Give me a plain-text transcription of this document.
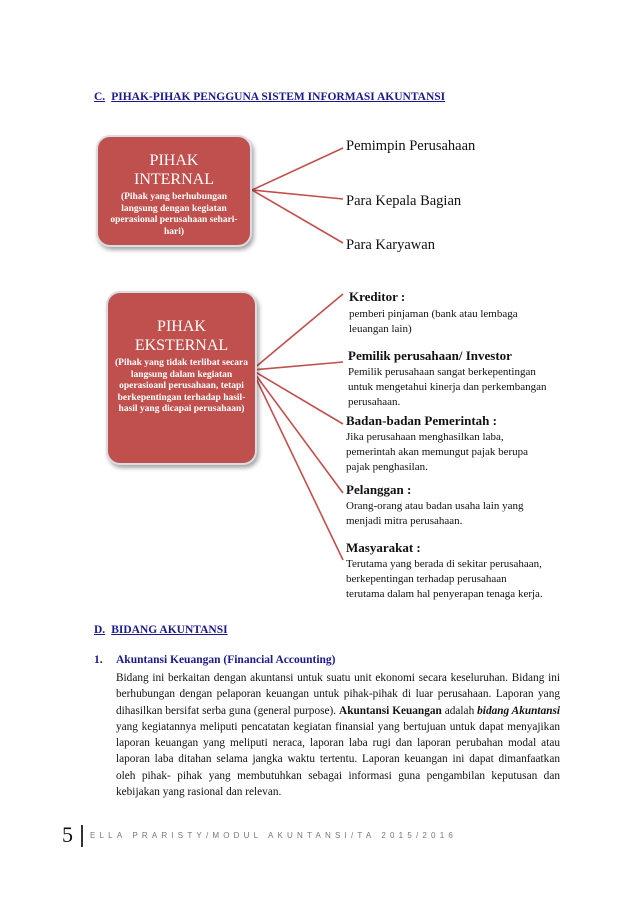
C. PIHAK-PIHAK PENGGUNA SISTEM INFORMASI AKUNTANSI
PIHAK
INTERNAL
(Pihak yang berhubungan langsung dengan kegiatan operasional perusahaan sehari-hari)
Pemimpin Perusahaan
Para Kepala Bagian
Para Karyawan
PIHAK
EKSTERNAL
(Pihak yang tidak terlibat secara langsung dalam kegiatan operasioanl perusahaan, tetapi berkepentingan terhadap hasil-hasil yang dicapai perusahaan)
Kreditor :
pemberi pinjaman (bank atau lembaga
leuangan lain)
Pemilik perusahaan/ Investor
Pemilik perusahaan sangat berkepentingan
untuk mengetahui kinerja dan perkembangan
perusahaan.
Badan-badan Pemerintah :
Jika perusahaan menghasilkan laba,
pemerintah akan memungut pajak berupa
pajak penghasilan.
Pelanggan :
Orang-orang atau badan usaha lain yang
menjadi mitra perusahaan.
Masyarakat :
Terutama yang berada di sekitar perusahaan,
berkepentingan terhadap perusahaan
terutama dalam hal penyerapan tenaga kerja.
D. BIDANG AKUNTANSI
1. Akuntansi Keuangan (Financial Accounting)
Bidang ini berkaitan dengan akuntansi untuk suatu unit ekonomi secara keseluruhan. Bidang ini berhubungan dengan pelaporan keuangan untuk pihak-pihak di luar perusahaan. Laporan yang dihasilkan bersifat serba guna (general purpose). Akuntansi Keuangan adalah bidang Akuntansi yang kegiatannya meliputi pencatatan kegiatan finansial yang bertujuan untuk dapat menyajikan laporan keuangan yang meliputi neraca, laporan laba rugi dan laporan perubahan modal atau laporan laba ditahan selama jangka waktu tertentu. Laporan keuangan ini dapat dimanfaatkan oleh pihak- pihak yang membutuhkan sebagai informasi guna pengambilan keputusan dan kebijakan yang rasional dan relevan.
5 ELLA PRARISTY/MODUL AKUNTANSI/TA 2015/2016
